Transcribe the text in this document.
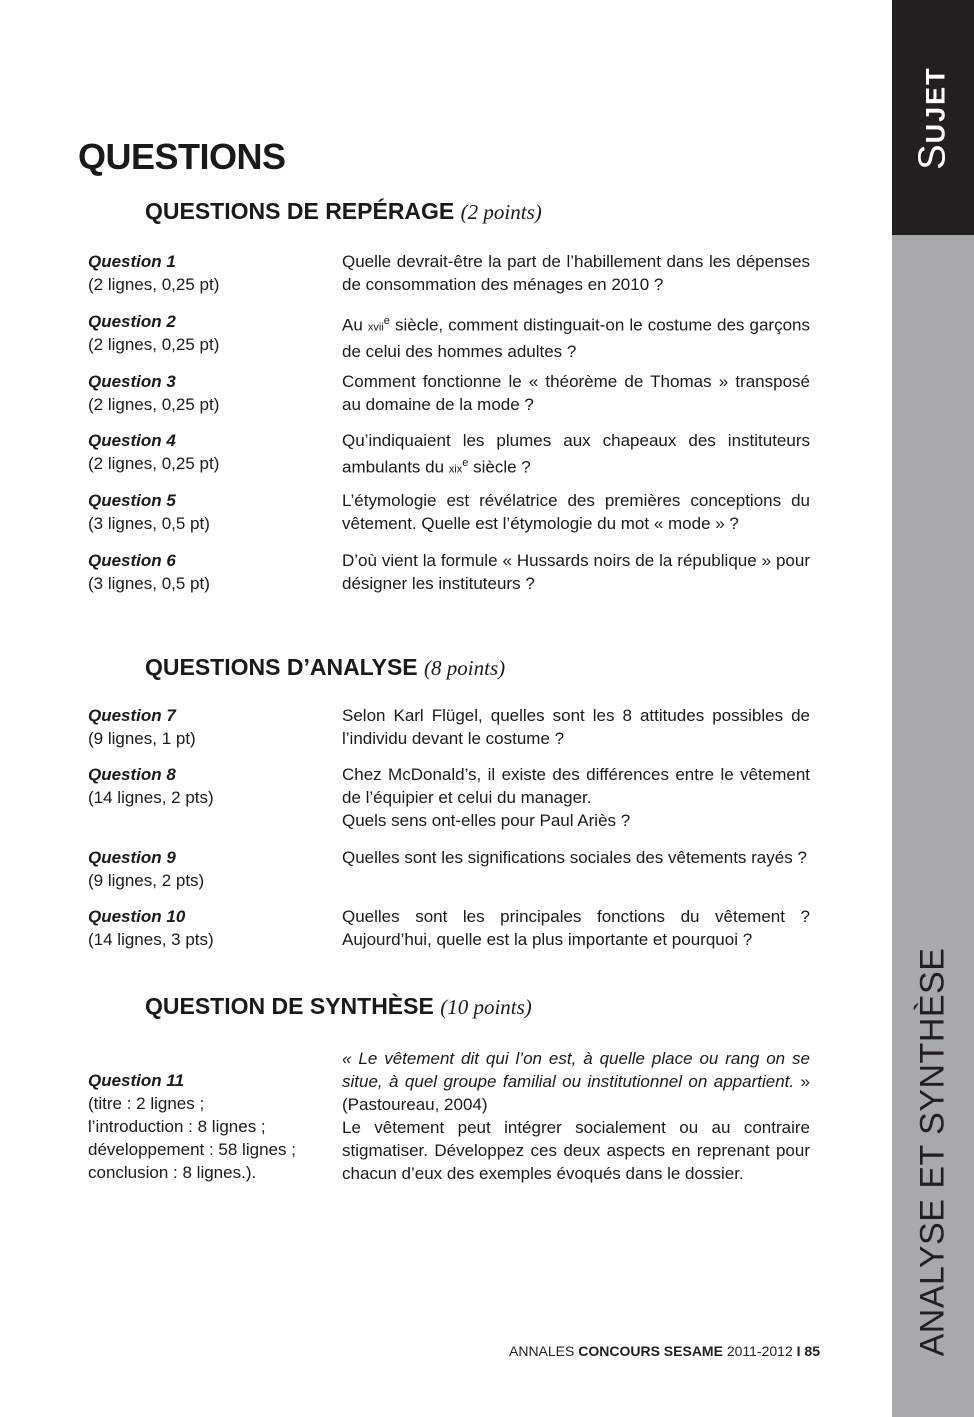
SUJET
ANALYSE ET SYNTHÈSE
QUESTIONS
QUESTIONS DE REPÉRAGE (2 points)
Question 1
(2 lignes, 0,25 pt)
Quelle devrait-être la part de l’habillement dans les dépenses de consommation des ménages en 2010 ?
Question 2
(2 lignes, 0,25 pt)
Au xvii$^e$ siècle, comment distinguait-on le costume des garçons de celui des hommes adultes ?
Question 3
(2 lignes, 0,25 pt)
Comment fonctionne le « théorème de Thomas » transposé au domaine de la mode ?
Question 4
(2 lignes, 0,25 pt)
Qu’indiquaient les plumes aux chapeaux des instituteurs ambulants du xix$^e$ siècle ?
Question 5
(3 lignes, 0,5 pt)
L’étymologie est révélatrice des premières conceptions du vêtement. Quelle est l’étymologie du mot « mode » ?
Question 6
(3 lignes, 0,5 pt)
D’où vient la formule « Hussards noirs de la république » pour désigner les instituteurs ?
QUESTIONS D’ANALYSE (8 points)
Question 7
(9 lignes, 1 pt)
Selon Karl Flügel, quelles sont les 8 attitudes possibles de l’individu devant le costume ?
Question 8
(14 lignes, 2 pts)

Chez McDonald’s, il existe des différences entre le vêtement de l’équipier et celui du manager.

Quels sens ont-elles pour Paul Ariès ?

Question 9
(9 lignes, 2 pts)
Quelles sont les significations sociales des vêtements rayés ?
Question 10
(14 lignes, 3 pts)
Quelles sont les principales fonctions du vêtement ? Aujourd’hui, quelle est la plus importante et pourquoi ?
QUESTION DE SYNTHÈSE (10 points)
Question 11
(titre : 2 lignes ;
l’introduction : 8 lignes ;
développement : 58 lignes ;
conclusion : 8 lignes.).

« Le vêtement dit qui l’on est, à quelle place ou rang on se situe, à quel groupe familial ou institutionnel on appartient. » (Pastoureau, 2004)

Le vêtement peut intégrer socialement ou au contraire stigmatiser. Développez ces deux aspects en reprenant pour chacun d’eux des exemples évoqués dans le dossier.

ANNALES CONCOURS SESAME 2011-2012 I 85
